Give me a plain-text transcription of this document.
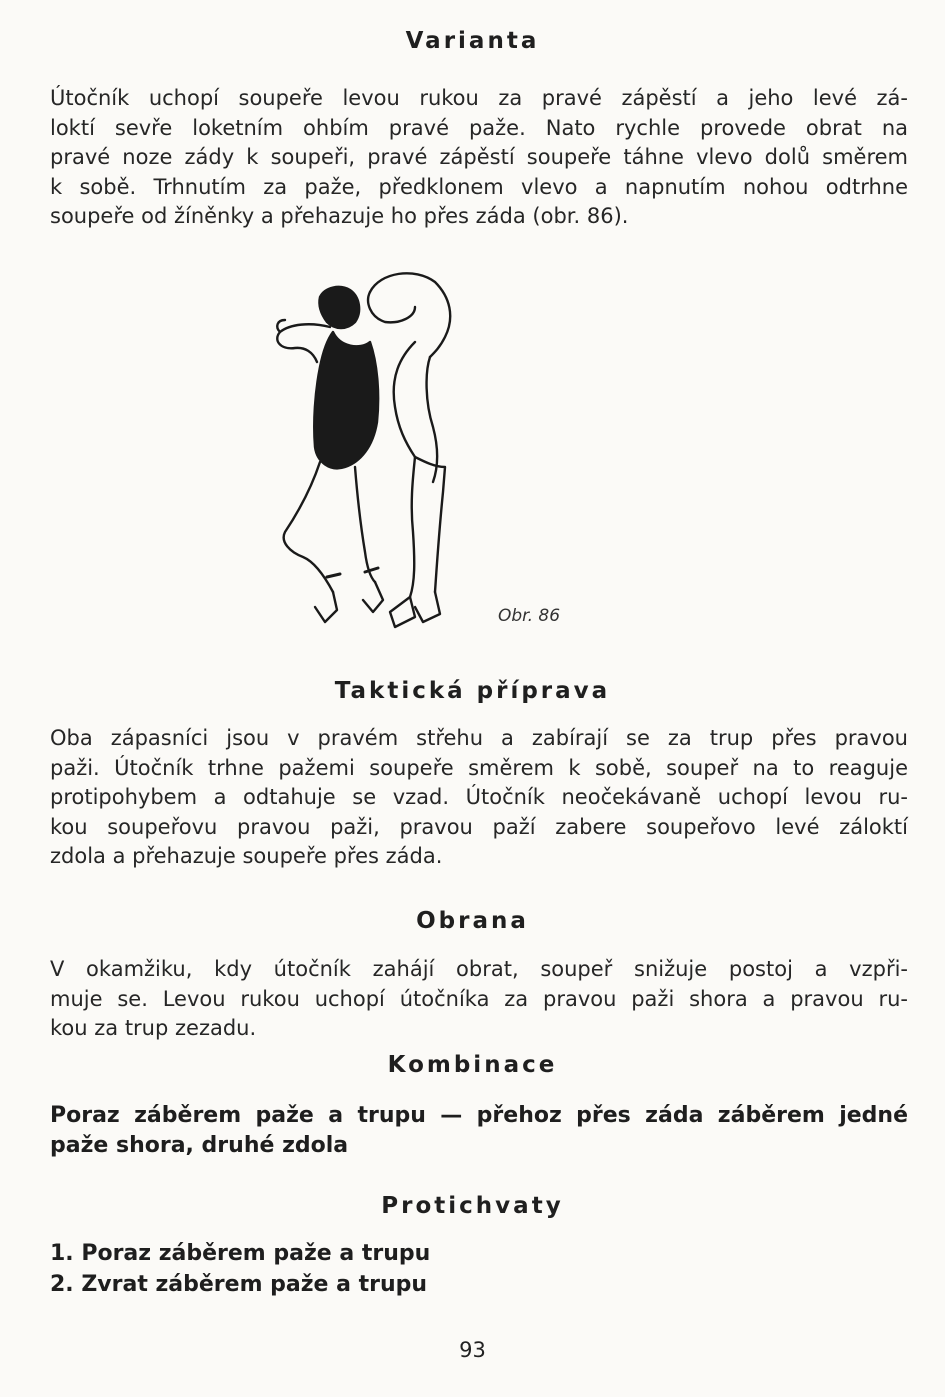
Varianta
Útočník uchopí soupeře levou rukou za pravé zápěstí a jeho levé zá-
loktí sevře loketním ohbím pravé paže. Nato rychle provede obrat na
pravé noze zády k soupeři, pravé zápěstí soupeře táhne vlevo dolů směrem
k sobě. Trhnutím za paže, předklonem vlevo a napnutím nohou odtrhne
soupeře od žíněnky a přehazuje ho přes záda (obr. 86).
Obr. 86
Taktická příprava
Oba zápasníci jsou v pravém střehu a zabírají se za trup přes pravou
paži. Útočník trhne pažemi soupeře směrem k sobě, soupeř na to reaguje
protipohybem a odtahuje se vzad. Útočník neočekávaně uchopí levou ru-
kou soupeřovu pravou paži, pravou paží zabere soupeřovo levé záloktí
zdola a přehazuje soupeře přes záda.
Obrana
V okamžiku, kdy útočník zahájí obrat, soupeř snižuje postoj a vzpři-
muje se. Levou rukou uchopí útočníka za pravou paži shora a pravou ru-
kou za trup zezadu.
Kombinace
Poraz záběrem paže a trupu — přehoz přes záda záběrem jedné
paže shora, druhé zdola
Protichvaty
1. Poraz záběrem paže a trupu
2. Zvrat záběrem paže a trupu
93
